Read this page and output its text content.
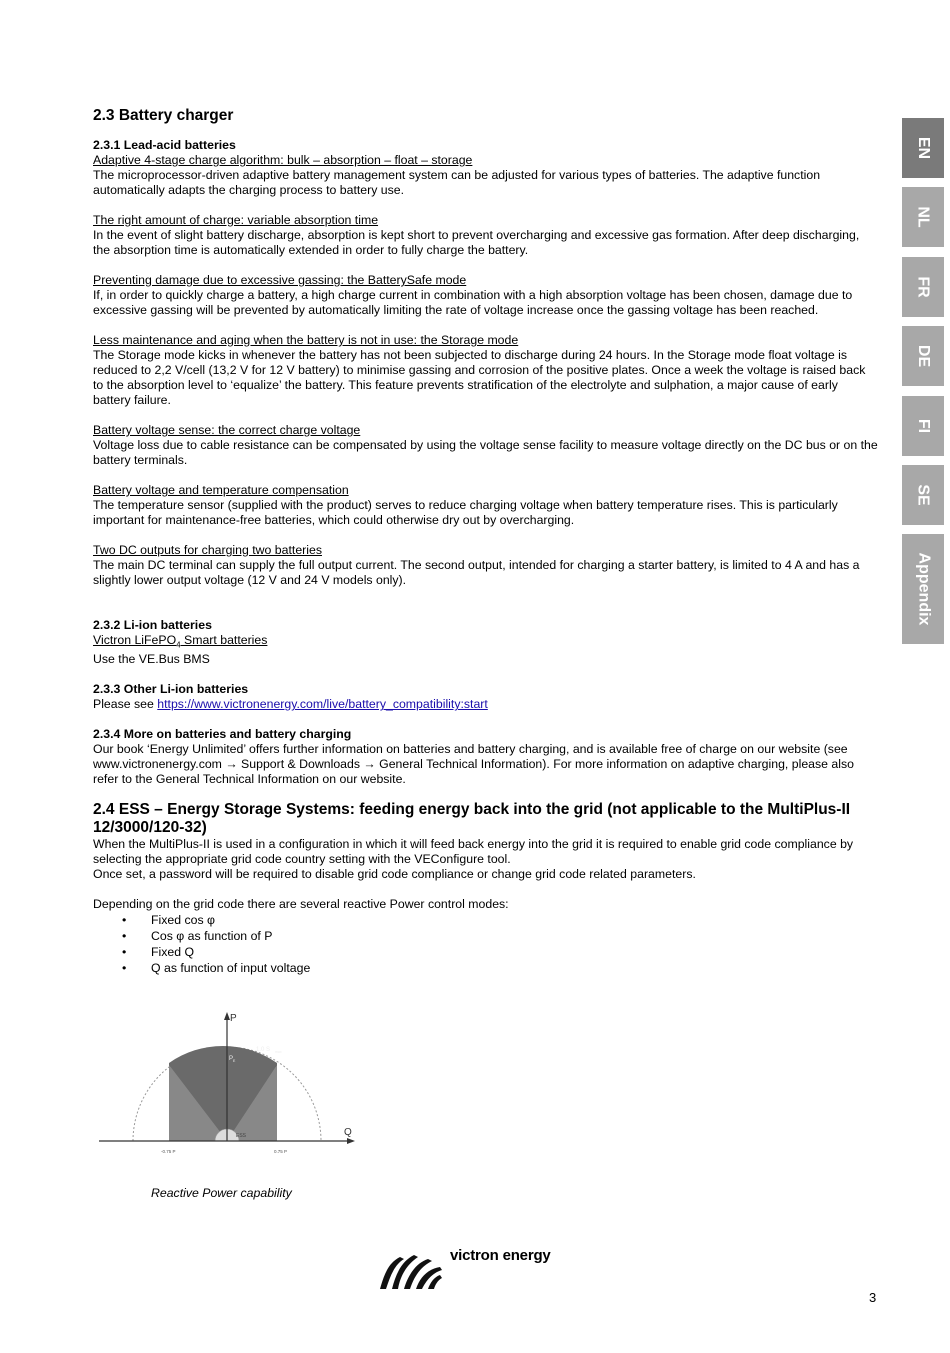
2.3 Battery charger
2.3.1 Lead-acid batteries
Adaptive 4-stage charge algorithm: bulk – absorption – float – storage
The microprocessor-driven adaptive battery management system can be adjusted for various types of batteries. The adaptive function automatically adapts the charging process to battery use.
The right amount of charge: variable absorption time
In the event of slight battery discharge, absorption is kept short to prevent overcharging and excessive gas formation. After deep discharging, the absorption time is automatically extended in order to fully charge the battery.
Preventing damage due to excessive gassing: the BatterySafe mode
If, in order to quickly charge a battery, a high charge current in combination with a high absorption voltage has been chosen, damage due to excessive gassing will be prevented by automatically limiting the rate of voltage increase once the gassing voltage has been reached.
Less maintenance and aging when the battery is not in use: the Storage mode
The Storage mode kicks in whenever the battery has not been subjected to discharge during 24 hours. In the Storage mode float voltage is reduced to 2,2 V/cell (13,2 V for 12 V battery) to minimise gassing and corrosion of the positive plates. Once a week the voltage is raised back to the absorption level to ‘equalize’ the battery. This feature prevents stratification of the electrolyte and sulphation, a major cause of early battery failure.
Battery voltage sense: the correct charge voltage
Voltage loss due to cable resistance can be compensated by using the voltage sense facility to measure voltage directly on the DC bus or on the battery terminals.
Battery voltage and temperature compensation
The temperature sensor (supplied with the product) serves to reduce charging voltage when battery temperature rises. This is particularly important for maintenance-free batteries, which could otherwise dry out by overcharging.
Two DC outputs for charging two batteries
The main DC terminal can supply the full output current. The second output, intended for charging a starter battery, is limited to 4 A and has a slightly lower output voltage (12 V and 24 V models only).
2.3.2 Li-ion batteries
Victron LiFePO$_4$ Smart batteries
Use the VE.Bus BMS
2.3.3 Other Li-ion batteries
Please see https://www.victronenergy.com/live/battery_compatibility:start
2.3.4 More on batteries and battery charging
Our book ‘Energy Unlimited’ offers further information on batteries and battery charging, and is available free of charge on our website (see www.victronenergy.com → Support & Downloads → General Technical Information). For more information on adaptive charging, please also refer to the General Technical Information on our website.
2.4 ESS – Energy Storage Systems: feeding energy back into the grid (not applicable to the MultiPlus-II 12/3000/120-32)
When the MultiPlus-II is used in a configuration in which it will feed back energy into the grid it is required to enable grid code compliance by selecting the appropriate grid code country setting with the VEConfigure tool.
Once set, a password will be required to disable grid code compliance or change grid code related parameters.
Depending on the grid code there are several reactive Power control modes:
• Fixed cos φ
• Cos φ as function of P
• Fixed Q
• Q as function of input voltage
P
Q
1.0 S max
P E
ESS
-0.75 P	0.75 P
Reactive Power capability
EN
NL
FR
DE
FI
SE
Appendix
victron energy
3
